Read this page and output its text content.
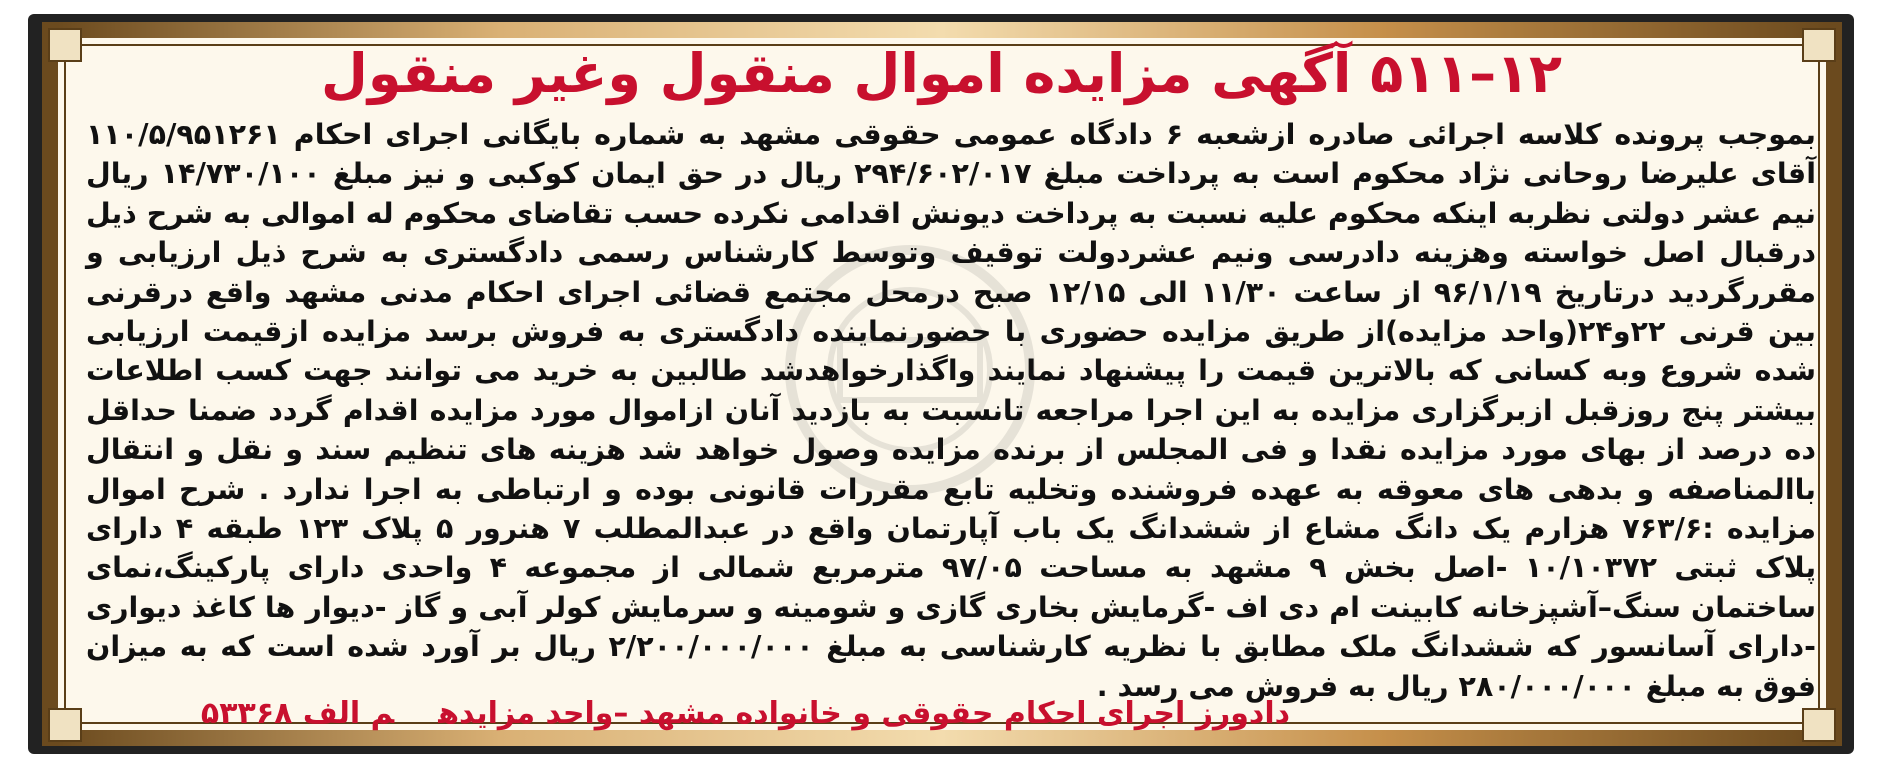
۱۲–۵۱۱ آگهی مزایده اموال منقول وغیر منقول

بموجب پرونده کلاسه اجرائی صادره ازشعبه ۶ دادگاه عمومی حقوقی مشهد به شماره بایگانی اجرای احکام ۱۱۰/۵/۹۵۱۲۶۱ آقای علیرضا روحانی نژاد محکوم است به پرداخت مبلغ ۲۹۴/۶۰۲/۰۱۷ ریال در حق ایمان کوکبی و نیز مبلغ ۱۴/۷۳۰/۱۰۰ ریال نیم عشر دولتی نظربه اینکه محکوم علیه نسبت به پرداخت دیونش اقدامی نکرده حسب تقاضای محکوم له اموالی به شرح ذیل درقبال اصل خواسته وهزینه دادرسی ونیم عشردولت توقیف وتوسط کارشناس رسمی دادگستری به شرح ذیل ارزیابی و مقررگردید درتاریخ ۹۶/۱/۱۹ از ساعت ۱۱/۳۰ الی ۱۲/۱۵ صبح درمحل مجتمع قضائی اجرای احکام مدنی مشهد واقع درقرنی بین قرنی ۲۲و۲۴(واحد مزایده)از طریق مزایده حضوری با حضورنماینده دادگستری به فروش برسد مزایده ازقیمت ارزیابی شده شروع وبه کسانی که بالاترین قیمت را پیشنهاد نمایند واگذارخواهدشد طالبین به خرید می توانند جهت کسب اطلاعات بیشتر پنج روزقبل ازبرگزاری مزایده به این اجرا مراجعه تانسبت به بازدید آنان ازاموال مورد مزایده اقدام گردد ضمنا حداقل ده درصد از بهای مورد مزایده نقدا و فی المجلس از برنده مزایده وصول خواهد شد هزینه های تنظیم سند و نقل و انتقال باالمناصفه و بدهی های معوقه به عهده فروشنده وتخلیه تابع مقررات قانونی بوده و ارتباطی به اجرا ندارد . شرح اموال مزایده :۷۶۳/۶ هزارم یک دانگ مشاع از ششدانگ یک باب آپارتمان واقع در عبدالمطلب ۷ هنرور ۵ پلاک ۱۲۳ طبقه ۴ دارای پلاک ثبتی ۱۰/۱۰۳۷۲ -اصل بخش ۹ مشهد به مساحت ۹۷/۰۵ مترمربع شمالی از مجموعه ۴ واحدی دارای پارکینگ،نمای ساختمان سنگ–آشپزخانه کابینت ام دی اف -گرمایش بخاری گازی و شومینه و سرمایش کولر آبی و گاز -دیوار ها کاغذ دیواری -دارای آسانسور که ششدانگ ملک مطابق با نظریه کارشناسی به مبلغ ۲/۲۰۰/۰۰۰/۰۰۰ ریال بر آورد شده است که به میزان فوق به مبلغ ۲۸۰/۰۰۰/۰۰۰ ریال به فروش می رسد .

دادورز اجرای احکام حقوقی و خانواده مشهد –واحد مزایدهم الف ۵۳۳۶۸
